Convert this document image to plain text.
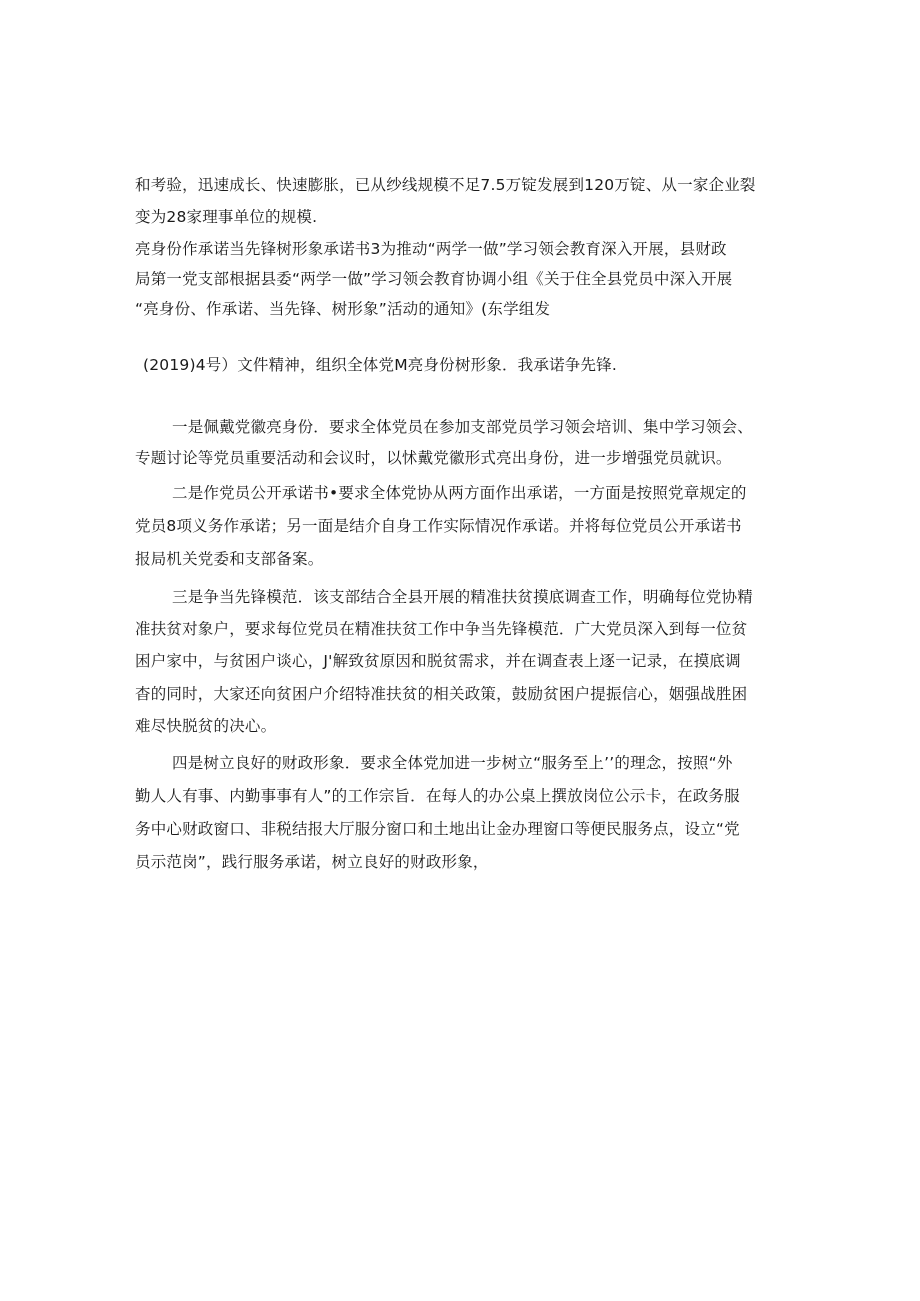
和考验，迅速成长、快速膨胀，已从纱线规模不足7.5万锭发展到120万锭、从一家企业裂
变为28家理事单位的规模.
亮身份作承诺当先锋树形象承诺书3为推动“两学一做”学习领会教育深入开展，县财政
局第一党支部根据县委“两学一做”学习领会教育协调小组《关于住全县党员中深入开展
“亮身份、作承诺、当先锋、树形象”活动的通知》(东学组发
(2019)4号）文件精神，组织全体党M亮身份树形象．我承诺争先锋.
一是佩戴党徽亮身份．要求全体党员在参加支部党员学习领会培训、集中学习领会、
专题讨论等党员重要活动和会议时，以怵戴党徽形式亮出身份，进一步增强党员就识。
二是作党员公开承诺书•要求全体党协从两方面作出承诺，一方面是按照党章规定的
党员8项义务作承诺；另一面是结介自身工作实际情况作承诺。并将每位党员公开承诺书
报局机关党委和支部备案。
三是争当先锋模范．该支部结合全县开展的精准扶贫摸底调查工作，明确每位党协精
准扶贫对象户，要求每位党员在精准扶贫工作中争当先锋模范．广大党员深入到每一位贫
困户家中，与贫困户谈心，J'解致贫原因和脱贫需求，并在调查表上逐一记录，在摸底调
杳的同时，大家还向贫困户介绍特准扶贫的相关政策，鼓励贫困户提振信心，姻强战胜困
难尽快脱贫的决心。
四是树立良好的财政形象．要求全体党加进一步树立“服务至上’’的理念，按照“外
勤人人有事、内勤事事有人”的工作宗旨．在每人的办公桌上撰放岗位公示卡，在政务服
务中心财政窗口、非税结报大厅服分窗口和土地出让金办理窗口等便民服务点，设立“党
员示范岗”，践行服务承诺，树立良好的财政形象，
